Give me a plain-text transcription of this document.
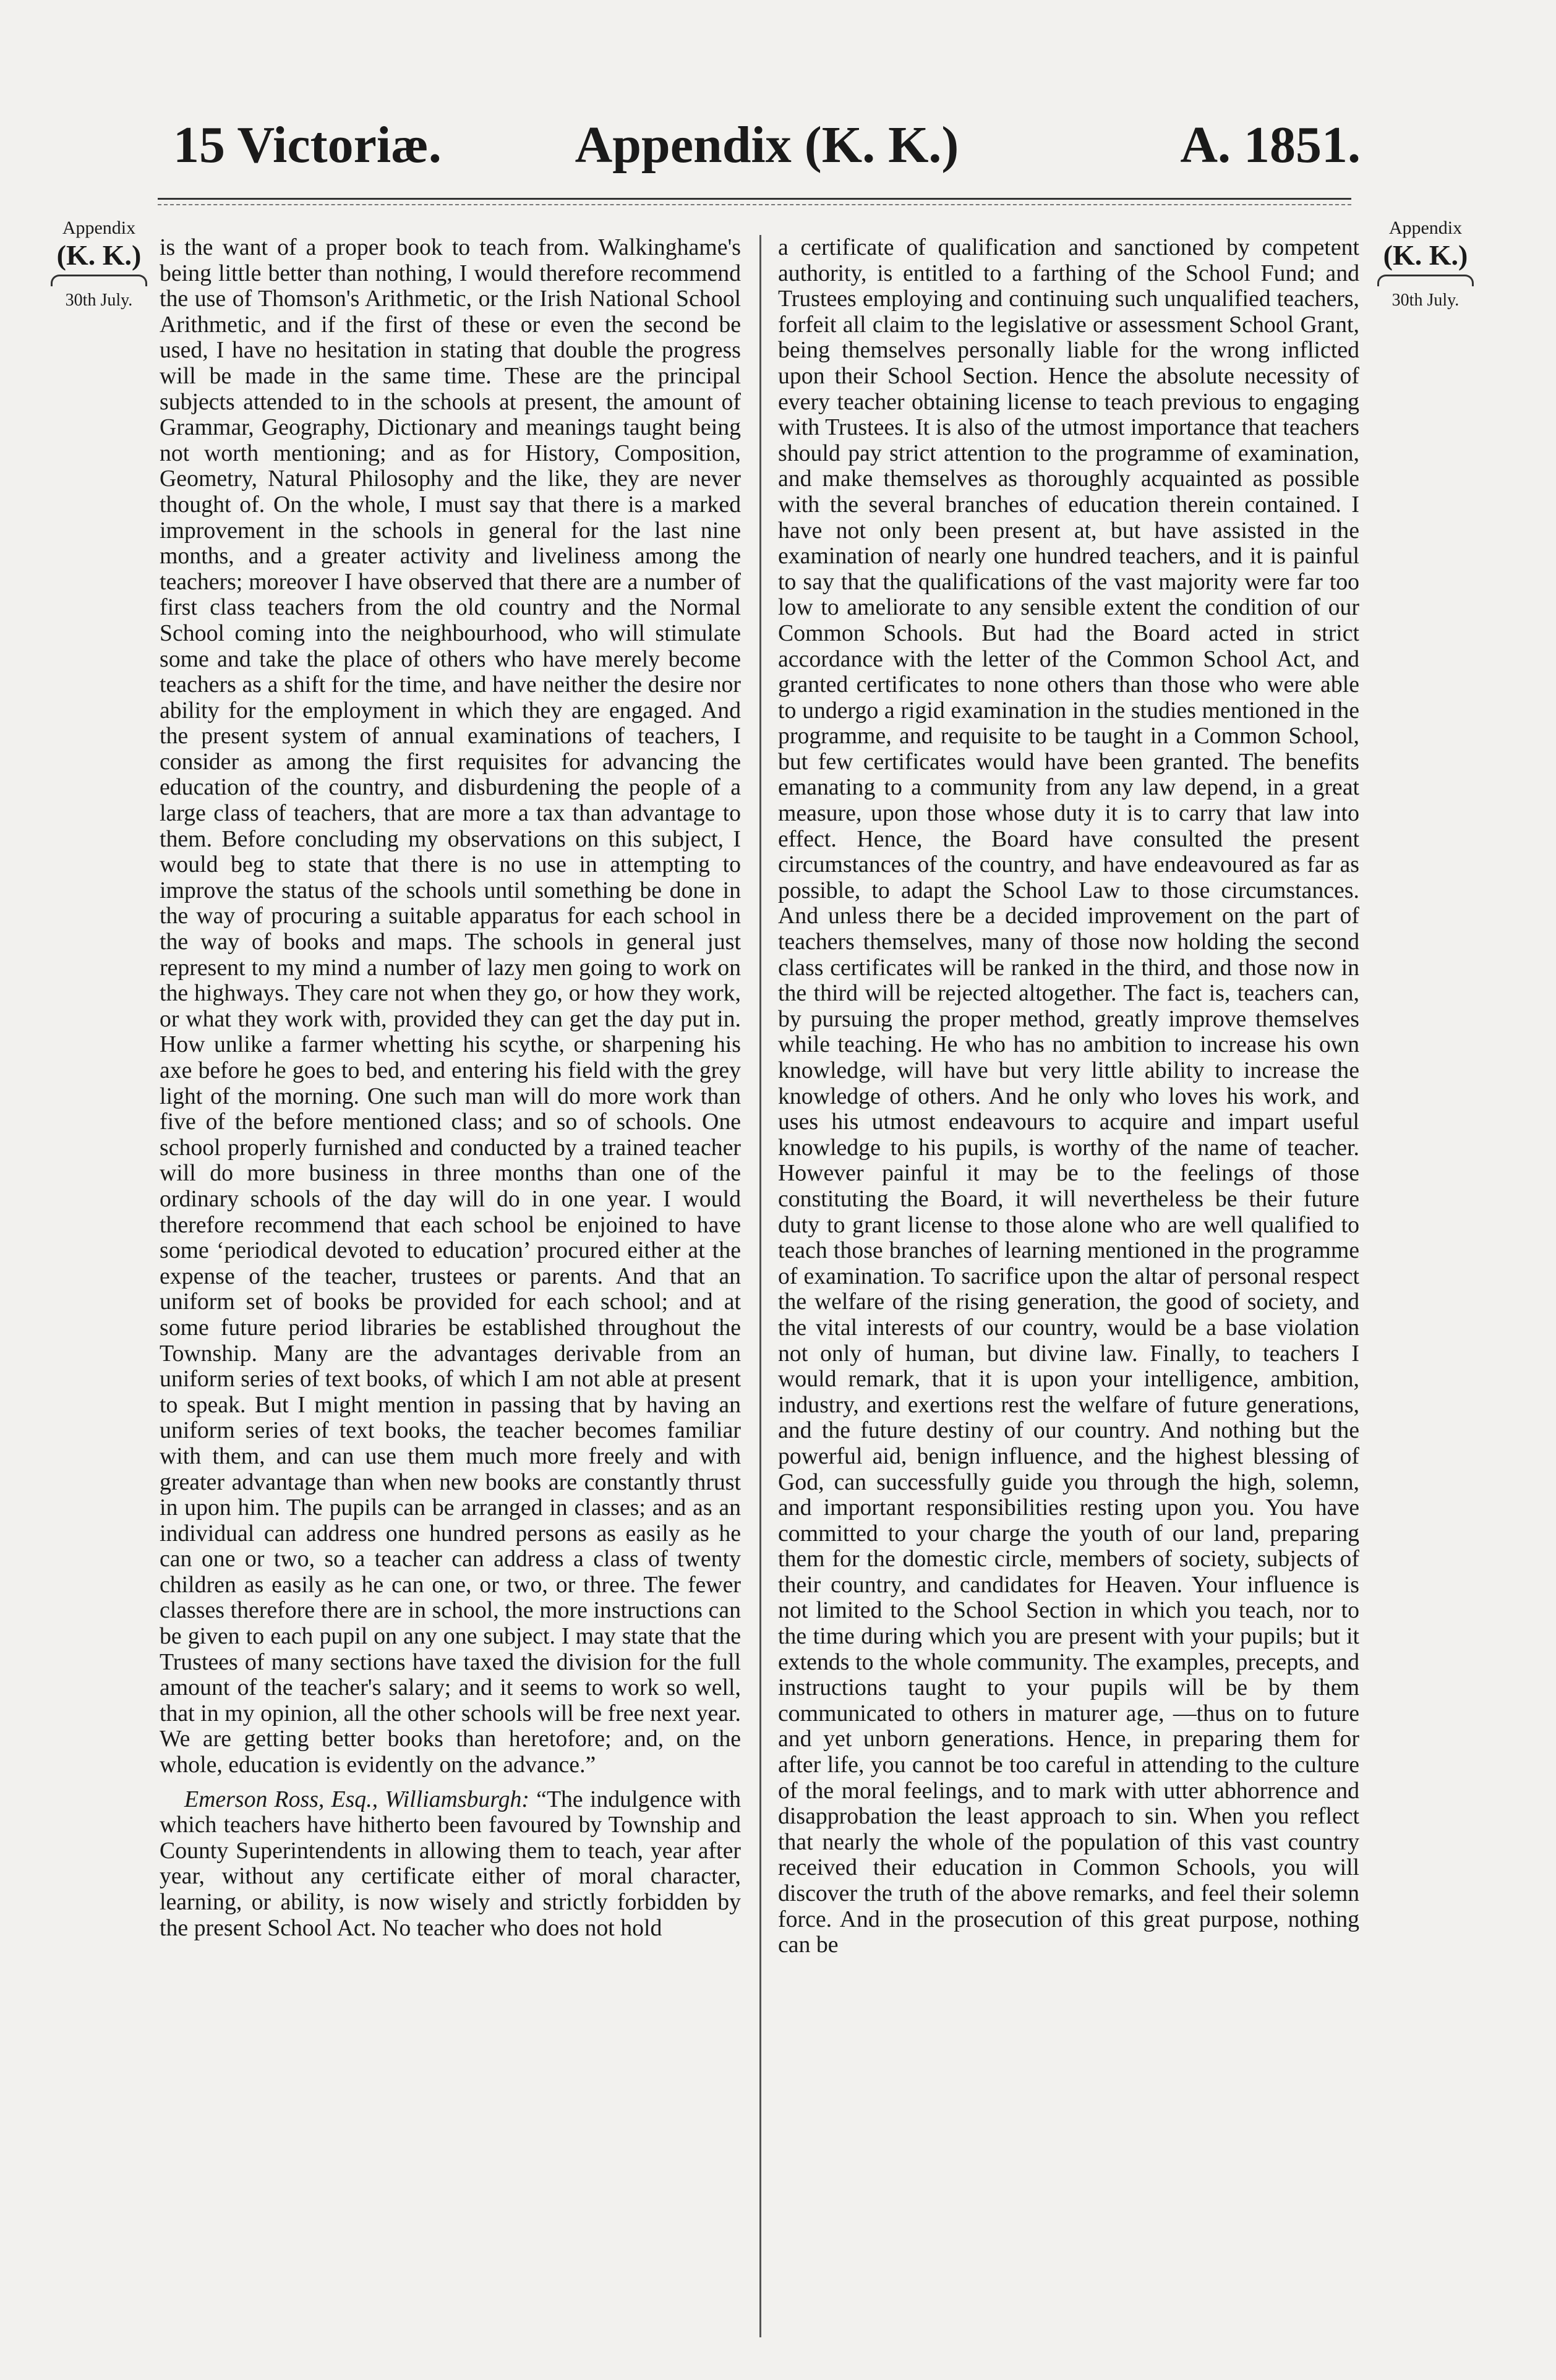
15 Victoriæ.	Appendix (K. K.)	A. 1851.
Appendix
(K. K.)
30th July.
Appendix
(K. K.)
30th July.

is the want of a proper book to teach from. Walkinghame's being little better than nothing, I would therefore recommend the use of Thomson's Arithmetic, or the Irish National School Arithmetic, and if the first of these or even the second be used, I have no hesitation in stating that double the progress will be made in the same time. These are the principal subjects attended to in the schools at present, the amount of Grammar, Geography, Dictionary and meanings taught being not worth mentioning; and as for History, Composition, Geometry, Natural Philosophy and the like, they are never thought of. On the whole, I must say that there is a marked improvement in the schools in general for the last nine months, and a greater activity and liveliness among the teachers; moreover I have observed that there are a number of first class teachers from the old country and the Normal School coming into the neighbourhood, who will stimulate some and take the place of others who have merely become teachers as a shift for the time, and have neither the desire nor ability for the employment in which they are engaged. And the present system of annual examinations of teachers, I consider as among the first requisites for advancing the education of the country, and disburdening the people of a large class of teachers, that are more a tax than advantage to them. Before concluding my observations on this subject, I would beg to state that there is no use in attempting to improve the status of the schools until something be done in the way of procuring a suitable apparatus for each school in the way of books and maps. The schools in general just represent to my mind a number of lazy men going to work on the highways. They care not when they go, or how they work, or what they work with, provided they can get the day put in. How unlike a farmer whetting his scythe, or sharpening his axe before he goes to bed, and entering his field with the grey light of the morning. One such man will do more work than five of the before mentioned class; and so of schools. One school properly furnished and conducted by a trained teacher will do more business in three months than one of the ordinary schools of the day will do in one year. I would therefore recommend that each school be enjoined to have some ‘periodical devoted to education’ procured either at the expense of the teacher, trustees or parents. And that an uniform set of books be provided for each school; and at some future period libraries be established throughout the Township. Many are the advantages derivable from an uniform series of text books, of which I am not able at present to speak. But I might mention in passing that by having an uniform series of text books, the teacher becomes familiar with them, and can use them much more freely and with greater advantage than when new books are constantly thrust in upon him. The pupils can be arranged in classes; and as an individual can address one hundred persons as easily as he can one or two, so a teacher can address a class of twenty children as easily as he can one, or two, or three. The fewer classes therefore there are in school, the more instructions can be given to each pupil on any one subject. I may state that the Trustees of many sections have taxed the division for the full amount of the teacher's salary; and it seems to work so well, that in my opinion, all the other schools will be free next year. We are getting better books than heretofore; and, on the whole, education is evidently on the advance.”

Emerson Ross, Esq., Williamsburgh: “The indulgence with which teachers have hitherto been favoured by Township and County Superintendents in allowing them to teach, year after year, without any certificate either of moral character, learning, or ability, is now wisely and strictly forbidden by the present School Act. No teacher who does not hold

a certificate of qualification and sanctioned by competent authority, is entitled to a farthing of the School Fund; and Trustees employing and continuing such unqualified teachers, forfeit all claim to the legislative or assessment School Grant, being themselves personally liable for the wrong inflicted upon their School Section. Hence the absolute necessity of every teacher obtaining license to teach previous to engaging with Trustees. It is also of the utmost importance that teachers should pay strict attention to the programme of examination, and make themselves as thoroughly acquainted as possible with the several branches of education therein contained. I have not only been present at, but have assisted in the examination of nearly one hundred teachers, and it is painful to say that the qualifications of the vast majority were far too low to ameliorate to any sensible extent the condition of our Common Schools. But had the Board acted in strict accordance with the letter of the Common School Act, and granted certificates to none others than those who were able to undergo a rigid examination in the studies mentioned in the programme, and requisite to be taught in a Common School, but few certificates would have been granted. The benefits emanating to a community from any law depend, in a great measure, upon those whose duty it is to carry that law into effect. Hence, the Board have consulted the present circumstances of the country, and have endeavoured as far as possible, to adapt the School Law to those circumstances. And unless there be a decided improvement on the part of teachers themselves, many of those now holding the second class certificates will be ranked in the third, and those now in the third will be rejected altogether. The fact is, teachers can, by pursuing the proper method, greatly improve themselves while teaching. He who has no ambition to increase his own knowledge, will have but very little ability to increase the knowledge of others. And he only who loves his work, and uses his utmost endeavours to acquire and impart useful knowledge to his pupils, is worthy of the name of teacher. However painful it may be to the feelings of those constituting the Board, it will nevertheless be their future duty to grant license to those alone who are well qualified to teach those branches of learning mentioned in the programme of examination. To sacrifice upon the altar of personal respect the welfare of the rising generation, the good of society, and the vital interests of our country, would be a base violation not only of human, but divine law. Finally, to teachers I would remark, that it is upon your intelligence, ambition, industry, and exertions rest the welfare of future generations, and the future destiny of our country. And nothing but the powerful aid, benign influence, and the highest blessing of God, can successfully guide you through the high, solemn, and important responsibilities resting upon you. You have committed to your charge the youth of our land, preparing them for the domestic circle, members of society, subjects of their country, and candidates for Heaven. Your influence is not limited to the School Section in which you teach, nor to the time during which you are present with your pupils; but it extends to the whole community. The examples, precepts, and instructions taught to your pupils will be by them communicated to others in maturer age, —thus on to future and yet unborn generations. Hence, in preparing them for after life, you cannot be too careful in attending to the culture of the moral feelings, and to mark with utter abhorrence and disapprobation the least approach to sin. When you reflect that nearly the whole of the population of this vast country received their education in Common Schools, you will discover the truth of the above remarks, and feel their solemn force. And in the prosecution of this great purpose, nothing can be
